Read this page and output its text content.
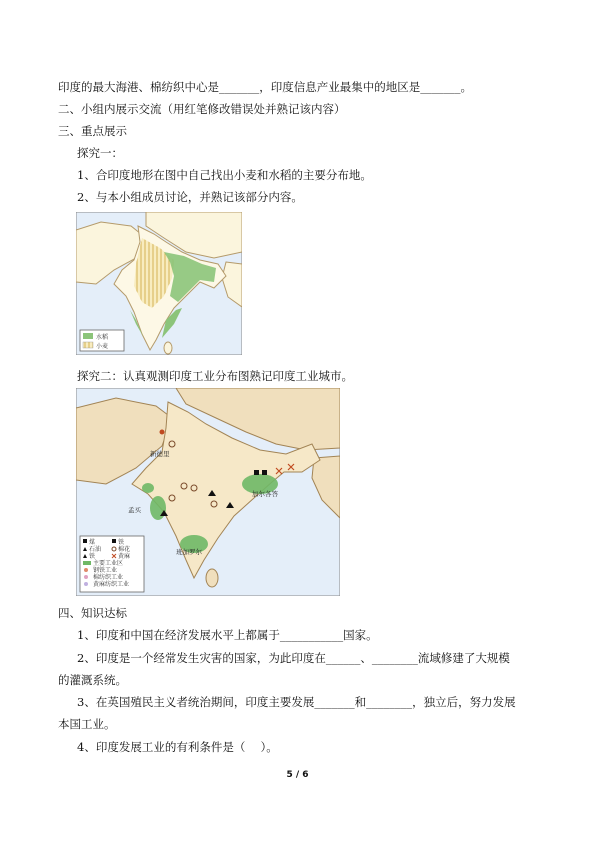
印度的最大海港、棉纺织中心是_______，印度信息产业最集中的地区是_______。
二、小组内展示交流（用红笔修改错误处并熟记该内容）
三、重点展示
探究一：
1、合印度地形在图中自己找出小麦和水稻的主要分布地。
2、与本小组成员讨论，并熟记该部分内容。
水稻
小麦
探究二：认真观测印度工业分布图熟记印度工业城市。
新德里
加尔各答
孟买
班加罗尔
煤	铁
石油	棉花
铁	黄麻
主要工业区
钢铁工业
棉纺织工业
黄麻纺织工业
四、知识达标
1、印度和中国在经济发展水平上都属于___________国家。
2、印度是一个经常发生灾害的国家，为此印度在______、________流域修建了大规模
的灌溉系统。
3、在英国殖民主义者统治期间，印度主要发展_______和________，独立后，努力发展
本国工业。
4、印度发展工业的有利条件是（　 ）。
5 / 6
